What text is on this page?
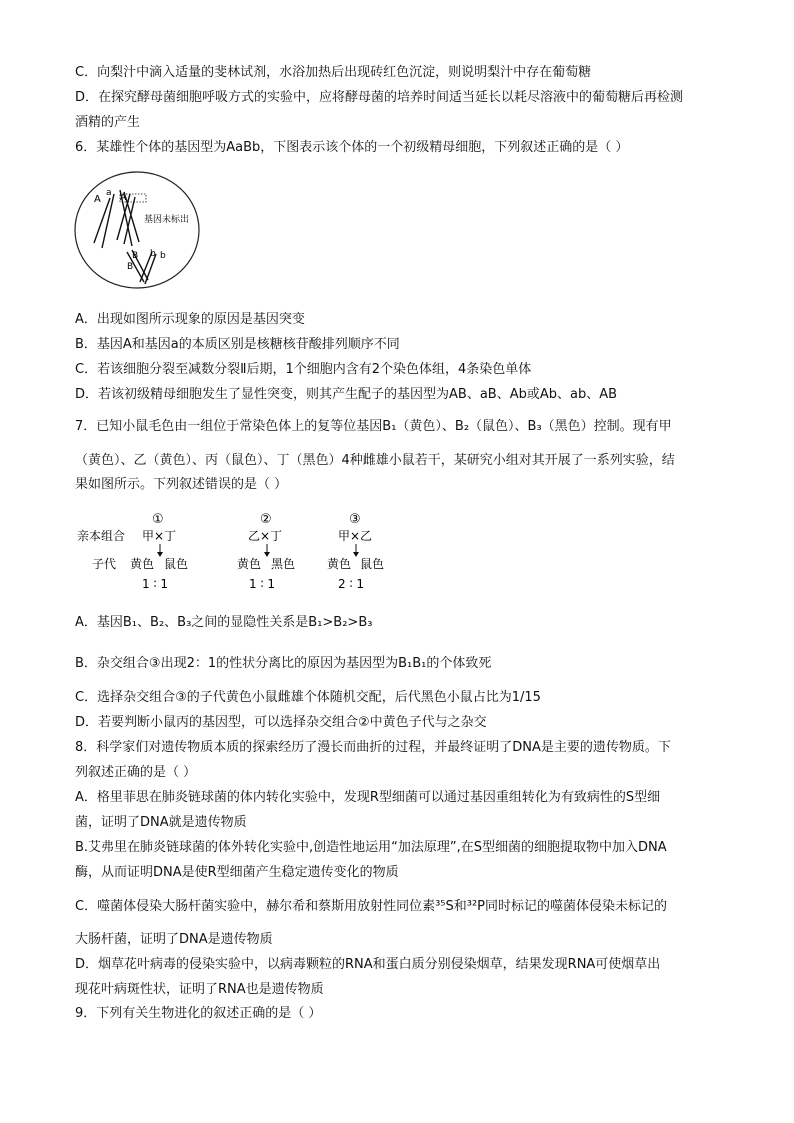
C．向梨汁中滴入适量的斐林试剂，水浴加热后出现砖红色沉淀，则说明梨汁中存在葡萄糖
D．在探究酵母菌细胞呼吸方式的实验中，应将酵母菌的培养时间适当延长以耗尽溶液中的葡萄糖后再检测
酒精的产生
6．某雄性个体的基因型为AaBb，下图表示该个体的一个初级精母细胞，下列叙述正确的是（ ）
A
a A
基因未标出
B b b
B
A．出现如图所示现象的原因是基因突变
B．基因A和基因a的本质区别是核糖核苷酸排列顺序不同
C．若该细胞分裂至减数分裂Ⅱ后期，1个细胞内含有2个染色体组，4条染色单体
D．若该初级精母细胞发生了显性突变，则其产生配子的基因型为AB、aB、Ab或Ab、ab、AB
7．已知小鼠毛色由一组位于常染色体上的复等位基因B₁（黄色）、B₂（鼠色）、B₃（黑色）控制。现有甲
（黄色）、乙（黄色）、丙（鼠色）、丁（黑色）4种雌雄小鼠若干，某研究小组对其开展了一系列实验，结
果如图所示。下列叙述错误的是（ ）
亲本组合
子代
①
甲×丁
黄色 鼠色
1 ∶ 1
②
乙×丁
黄色 黑色
1 ∶ 1
③
甲×乙
黄色 鼠色
2 ∶ 1
A．基因B₁、B₂、B₃之间的显隐性关系是B₁>B₂>B₃
B．杂交组合③出现2：1的性状分离比的原因为基因型为B₁B₁的个体致死
C．选择杂交组合③的子代黄色小鼠雌雄个体随机交配，后代黑色小鼠占比为1/15
D．若要判断小鼠丙的基因型，可以选择杂交组合②中黄色子代与之杂交
8．科学家们对遗传物质本质的探索经历了漫长而曲折的过程，并最终证明了DNA是主要的遗传物质。下
列叙述正确的是（ ）
A．格里菲思在肺炎链球菌的体内转化实验中，发现R型细菌可以通过基因重组转化为有致病性的S型细
菌，证明了DNA就是遗传物质
B.艾弗里在肺炎链球菌的体外转化实验中,创造性地运用“加法原理”,在S型细菌的细胞提取物中加入DNA
酶，从而证明DNA是使R型细菌产生稳定遗传变化的物质
C．噬菌体侵染大肠杆菌实验中，赫尔希和蔡斯用放射性同位素³⁵S和³²P同时标记的噬菌体侵染未标记的
大肠杆菌，证明了DNA是遗传物质
D．烟草花叶病毒的侵染实验中，以病毒颗粒的RNA和蛋白质分别侵染烟草，结果发现RNA可使烟草出
现花叶病斑性状，证明了RNA也是遗传物质
9．下列有关生物进化的叙述正确的是（ ）
